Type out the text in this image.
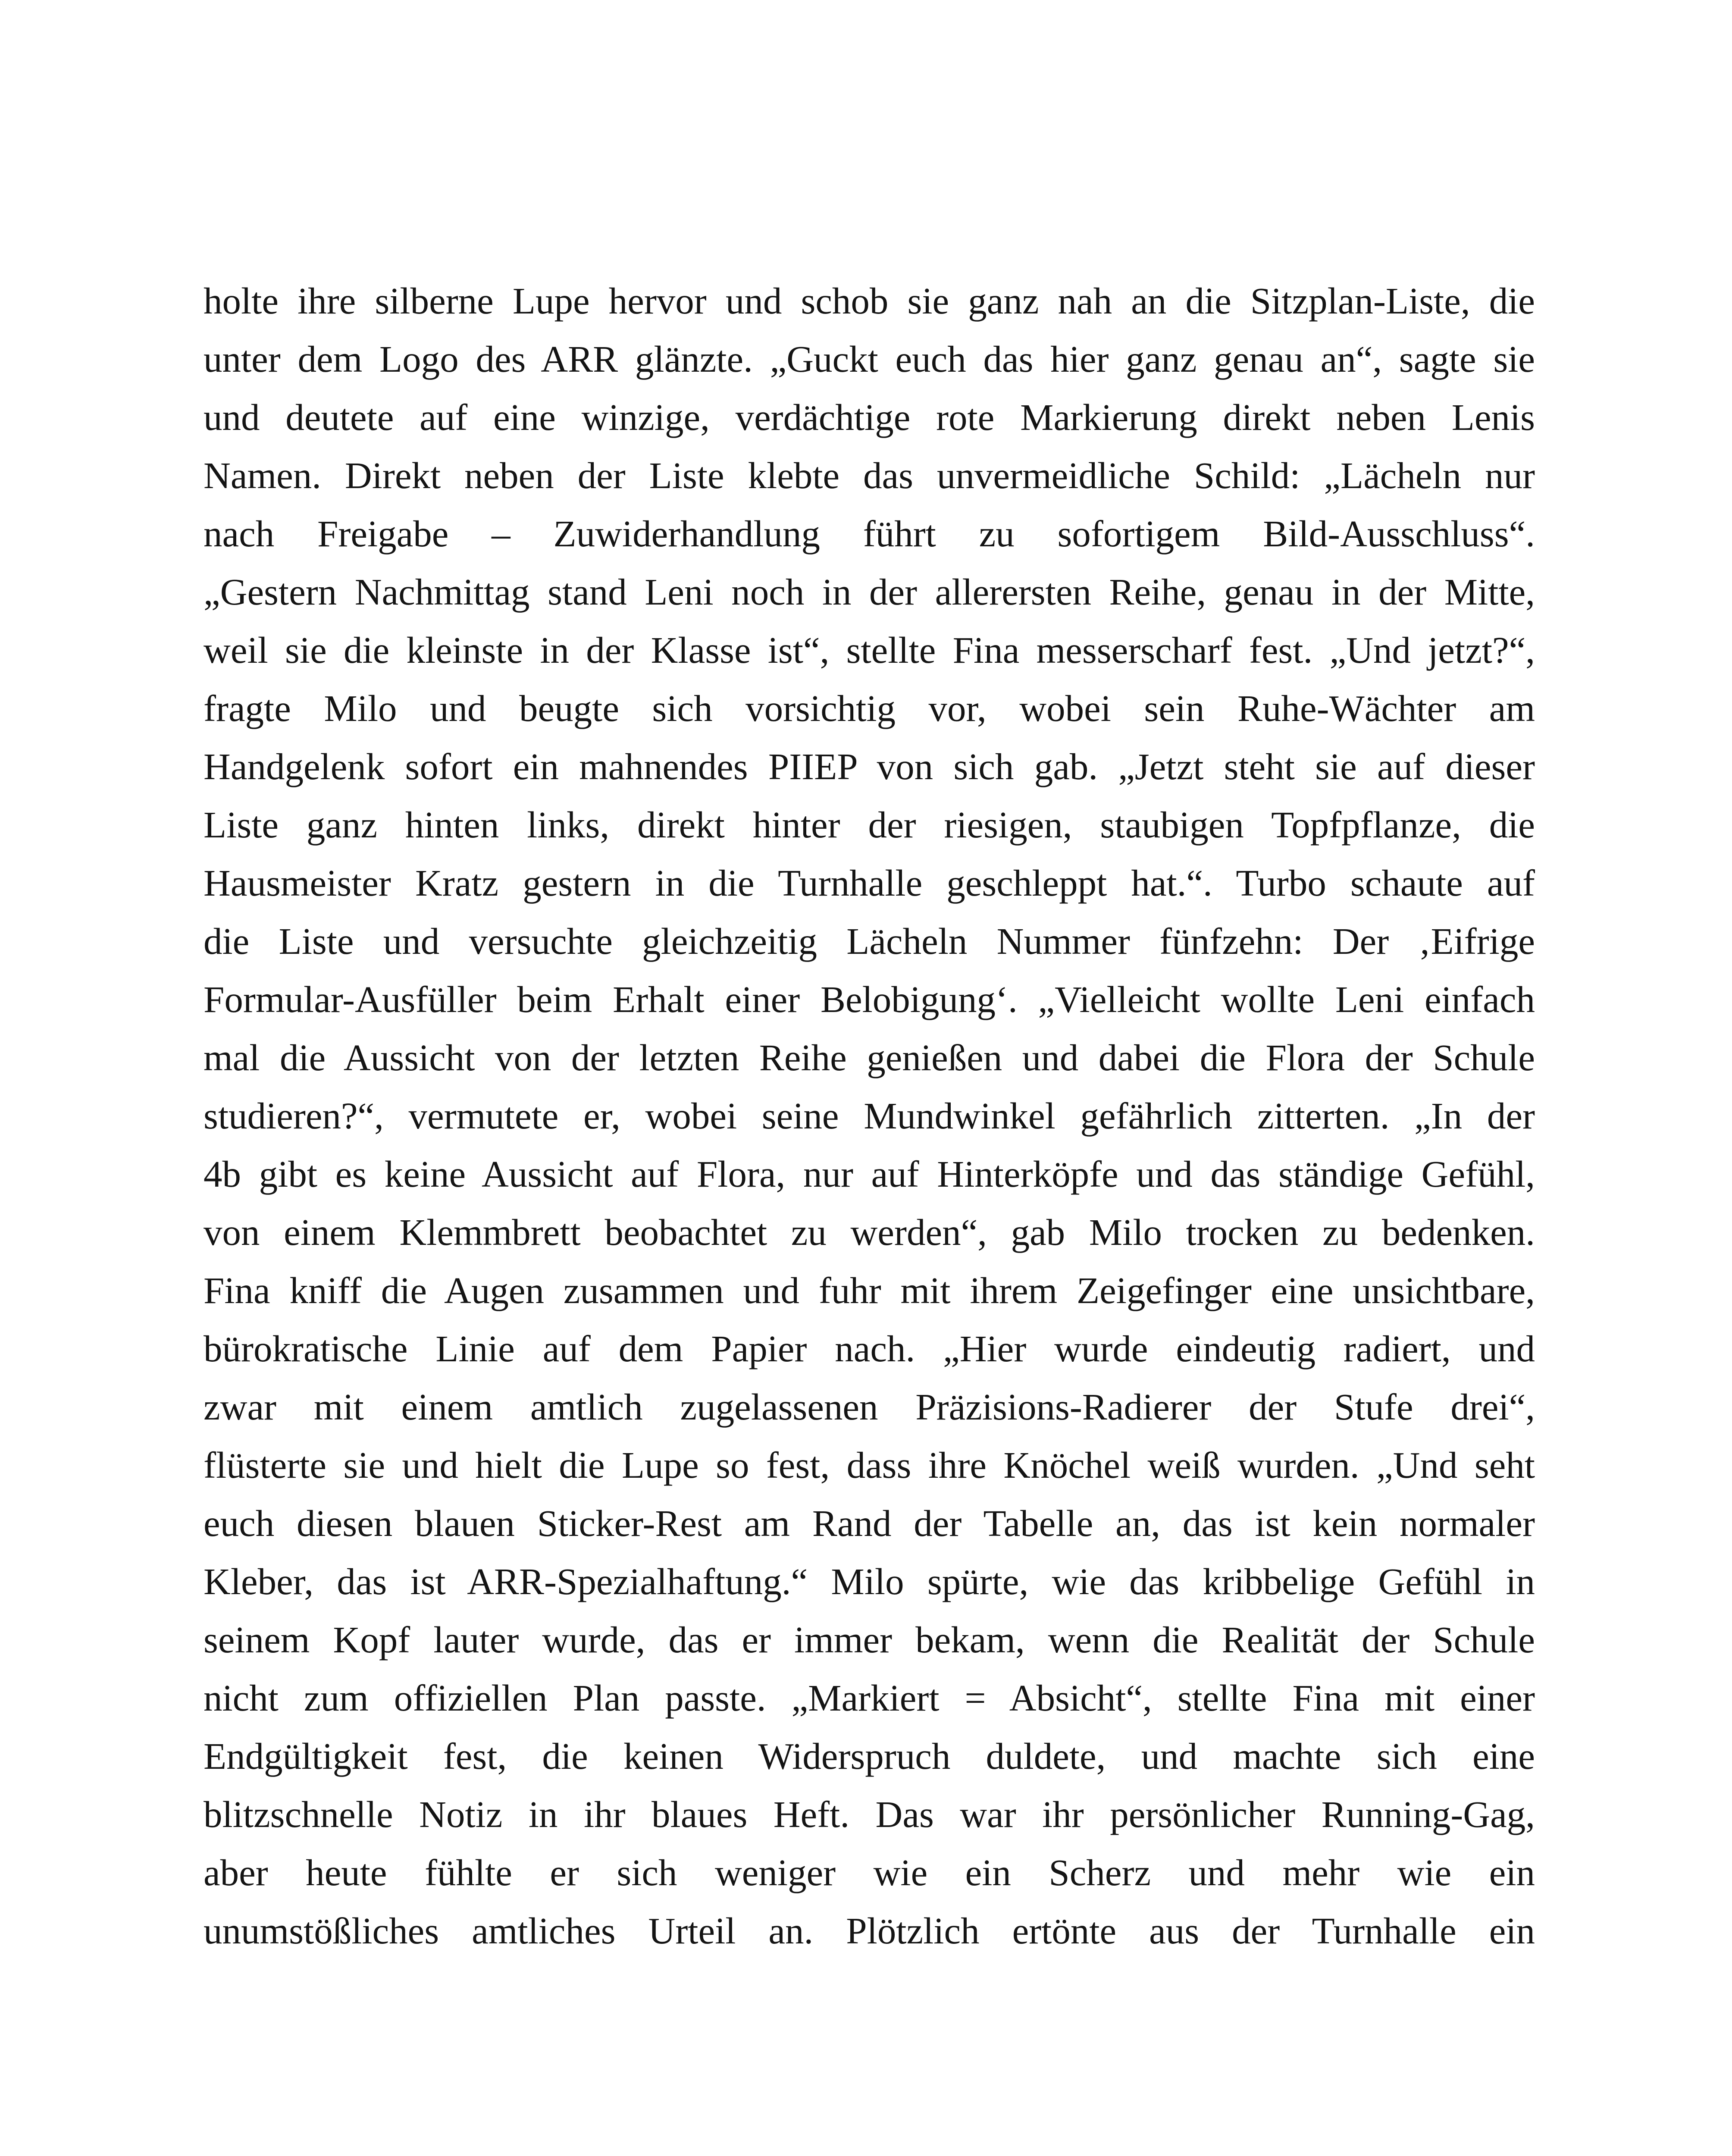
holte ihre silberne Lupe hervor und schob sie ganz nah an die Sitzplan-Liste, die
unter dem Logo des ARR glänzte. „Guckt euch das hier ganz genau an“, sagte sie
und deutete auf eine winzige, verdächtige rote Markierung direkt neben Lenis
Namen. Direkt neben der Liste klebte das unvermeidliche Schild: „Lächeln nur
nach Freigabe – Zuwiderhandlung führt zu sofortigem Bild-Ausschluss“.
„Gestern Nachmittag stand Leni noch in der allerersten Reihe, genau in der Mitte,
weil sie die kleinste in der Klasse ist“, stellte Fina messerscharf fest. „Und jetzt?“,
fragte Milo und beugte sich vorsichtig vor, wobei sein Ruhe-Wächter am
Handgelenk sofort ein mahnendes PIIEP von sich gab. „Jetzt steht sie auf dieser
Liste ganz hinten links, direkt hinter der riesigen, staubigen Topfpflanze, die
Hausmeister Kratz gestern in die Turnhalle geschleppt hat.“. Turbo schaute auf
die Liste und versuchte gleichzeitig Lächeln Nummer fünfzehn: Der ‚Eifrige
Formular-Ausfüller beim Erhalt einer Belobigung‘. „Vielleicht wollte Leni einfach
mal die Aussicht von der letzten Reihe genießen und dabei die Flora der Schule
studieren?“, vermutete er, wobei seine Mundwinkel gefährlich zitterten. „In der
4b gibt es keine Aussicht auf Flora, nur auf Hinterköpfe und das ständige Gefühl,
von einem Klemmbrett beobachtet zu werden“, gab Milo trocken zu bedenken.
Fina kniff die Augen zusammen und fuhr mit ihrem Zeigefinger eine unsichtbare,
bürokratische Linie auf dem Papier nach. „Hier wurde eindeutig radiert, und
zwar mit einem amtlich zugelassenen Präzisions-Radierer der Stufe drei“,
flüsterte sie und hielt die Lupe so fest, dass ihre Knöchel weiß wurden. „Und seht
euch diesen blauen Sticker-Rest am Rand der Tabelle an, das ist kein normaler
Kleber, das ist ARR-Spezialhaftung.“ Milo spürte, wie das kribbelige Gefühl in
seinem Kopf lauter wurde, das er immer bekam, wenn die Realität der Schule
nicht zum offiziellen Plan passte. „Markiert = Absicht“, stellte Fina mit einer
Endgültigkeit fest, die keinen Widerspruch duldete, und machte sich eine
blitzschnelle Notiz in ihr blaues Heft. Das war ihr persönlicher Running-Gag,
aber heute fühlte er sich weniger wie ein Scherz und mehr wie ein
unumstößliches amtliches Urteil an. Plötzlich ertönte aus der Turnhalle ein
